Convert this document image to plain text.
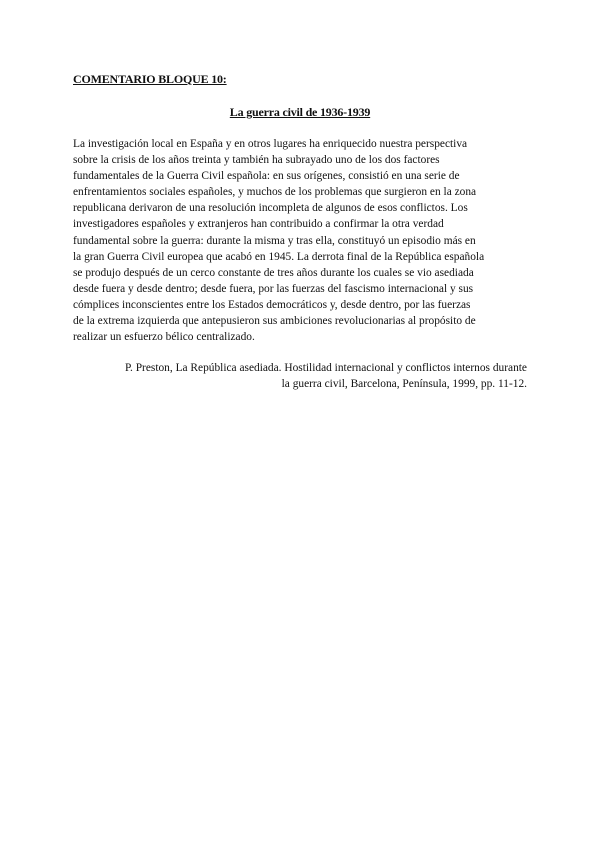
COMENTARIO BLOQUE 10:
La guerra civil de 1936-1939
La investigación local en España y en otros lugares ha enriquecido nuestra perspectiva
sobre la crisis de los años treinta y también ha subrayado uno de los dos factores
fundamentales de la Guerra Civil española: en sus orígenes, consistió en una serie de
enfrentamientos sociales españoles, y muchos de los problemas que surgieron en la zona
republicana derivaron de una resolución incompleta de algunos de esos conflictos. Los
investigadores españoles y extranjeros han contribuido a confirmar la otra verdad
fundamental sobre la guerra: durante la misma y tras ella, constituyó un episodio más en
la gran Guerra Civil europea que acabó en 1945. La derrota final de la República española
se produjo después de un cerco constante de tres años durante los cuales se vio asediada
desde fuera y desde dentro; desde fuera, por las fuerzas del fascismo internacional y sus
cómplices inconscientes entre los Estados democráticos y, desde dentro, por las fuerzas
de la extrema izquierda que antepusieron sus ambiciones revolucionarias al propósito de
realizar un esfuerzo bélico centralizado.
P. Preston, La República asediada. Hostilidad internacional y conflictos internos durante
la guerra civil, Barcelona, Península, 1999, pp. 11-12.
